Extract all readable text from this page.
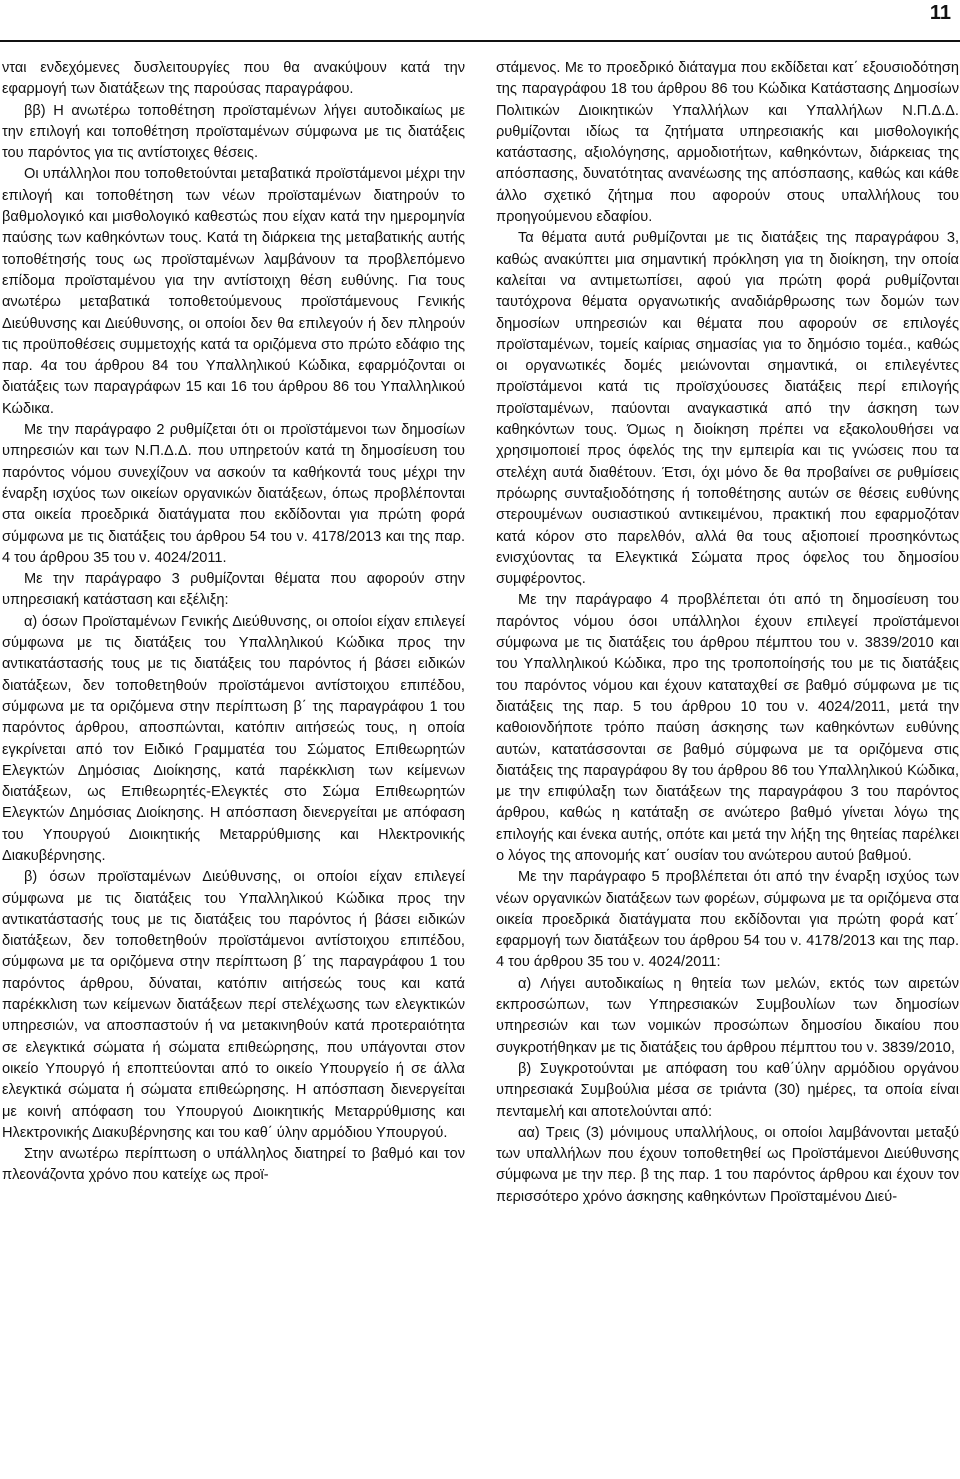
11

νται ενδεχόμενες δυσλειτουργίες που θα ανακύψουν κατά την εφαρμογή των διατάξεων της παρούσας παραγράφου.

ββ) Η ανωτέρω τοποθέτηση προϊσταμένων λήγει αυτοδικαίως με την επιλογή και τοποθέτηση προϊσταμένων σύμφωνα με τις διατάξεις του παρόντος για τις αντίστοιχες θέσεις.

Οι υπάλληλοι που τοποθετούνται μεταβατικά προϊστάμενοι μέχρι την επιλογή και τοποθέτηση των νέων προϊσταμένων διατηρούν το βαθμολογικό και μισθολογικό καθεστώς που είχαν κατά την ημερομηνία παύσης των καθηκόντων τους. Κατά τη διάρκεια της μεταβατικής αυτής τοποθέτησής τους ως προϊσταμένων λαμβάνουν τα προβλεπόμενο επίδομα προϊσταμένου για την αντίστοιχη θέση ευθύνης. Για τους ανωτέρω μεταβατικά τοποθετούμενους προϊστάμενους Γενικής Διεύθυνσης και Διεύθυνσης, οι οποίοι δεν θα επιλεγούν ή δεν πληρούν τις προϋποθέσεις συμμετοχής κατά τα οριζόμενα στο πρώτο εδάφιο της παρ. 4α του άρθρου 84 του Υπαλληλικού Κώδικα, εφαρμόζονται οι διατάξεις των παραγράφων 15 και 16 του άρθρου 86 του Υπαλληλικού Κώδικα.

Με την παράγραφο 2 ρυθμίζεται ότι οι προϊστάμενοι των δημοσίων υπηρεσιών και των Ν.Π.Δ.Δ. που υπηρετούν κατά τη δημοσίευση του παρόντος νόμου συνεχίζουν να ασκούν τα καθήκοντά τους μέχρι την έναρξη ισχύος των οικείων οργανικών διατάξεων, όπως προβλέπονται στα οικεία προεδρικά διατάγματα που εκδίδονται για πρώτη φορά σύμφωνα με τις διατάξεις του άρθρου 54 του ν. 4178/2013 και της παρ. 4 του άρθρου 35 του ν. 4024/2011.

Με την παράγραφο 3 ρυθμίζονται θέματα που αφορούν στην υπηρεσιακή κατάσταση και εξέλιξη:

α) όσων Προϊσταμένων Γενικής Διεύθυνσης, οι οποίοι είχαν επιλεγεί σύμφωνα με τις διατάξεις του Υπαλληλικού Κώδικα προς την αντικατάστασής τους με τις διατάξεις του παρόντος ή βάσει ειδικών διατάξεων, δεν τοποθετηθούν προϊστάμενοι αντίστοιχου επιπέδου, σύμφωνα με τα οριζόμενα στην περίπτωση β΄ της παραγράφου 1 του παρόντος άρθρου, αποσπώνται, κατόπιν αιτήσεώς τους, η οποία εγκρίνεται από τον Ειδικό Γραμματέα του Σώματος Επιθεωρητών Ελεγκτών Δημόσιας Διοίκησης, κατά παρέκκλιση των κείμενων διατάξεων, ως Επιθεωρητές-Ελεγκτές στο Σώμα Επιθεωρητών Ελεγκτών Δημόσιας Διοίκησης. Η απόσπαση διενεργείται με απόφαση του Υπουργού Διοικητικής Μεταρρύθμισης και Ηλεκτρονικής Διακυβέρνησης.

β) όσων προϊσταμένων Διεύθυνσης, οι οποίοι είχαν επιλεγεί σύμφωνα με τις διατάξεις του Υπαλληλικού Κώδικα προς την αντικατάστασής τους με τις διατάξεις του παρόντος ή βάσει ειδικών διατάξεων, δεν τοποθετηθούν προϊστάμενοι αντίστοιχου επιπέδου, σύμφωνα με τα οριζόμενα στην περίπτωση β΄ της παραγράφου 1 του παρόντος άρθρου, δύναται, κατόπιν αιτήσεώς τους και κατά παρέκκλιση των κείμενων διατάξεων περί στελέχωσης των ελεγκτικών υπηρεσιών, να αποσπαστούν ή να μετακινηθούν κατά προτεραιότητα σε ελεγκτικά σώματα ή σώματα επιθεώρησης, που υπάγονται στον οικείο Υπουργό ή εποπτεύονται από το οικείο Υπουργείο ή σε άλλα ελεγκτικά σώματα ή σώματα επιθεώρησης. Η απόσπαση διενεργείται με κοινή απόφαση του Υπουργού Διοικητικής Μεταρρύθμισης και Ηλεκτρονικής Διακυβέρνησης και του καθ΄ ύλην αρμόδιου Υπουργού.

Στην ανωτέρω περίπτωση ο υπάλληλος διατηρεί το βαθμό και τον πλεονάζοντα χρόνο που κατείχε ως προϊ-

στάμενος. Με το προεδρικό διάταγμα που εκδίδεται κατ΄ εξουσιοδότηση της παραγράφου 18 του άρθρου 86 του Κώδικα Κατάστασης Δημοσίων Πολιτικών Διοικητικών Υπαλλήλων και Υπαλλήλων Ν.Π.Δ.Δ. ρυθμίζονται ιδίως τα ζητήματα υπηρεσιακής και μισθολογικής κατάστασης, αξιολόγησης, αρμοδιοτήτων, καθηκόντων, διάρκειας της απόσπασης, δυνατότητας ανανέωσης της απόσπασης, καθώς και κάθε άλλο σχετικό ζήτημα που αφορούν στους υπαλλήλους του προηγούμενου εδαφίου.

Τα θέματα αυτά ρυθμίζονται με τις διατάξεις της παραγράφου 3, καθώς ανακύπτει μια σημαντική πρόκληση για τη διοίκηση, την οποία καλείται να αντιμετωπίσει, αφού για πρώτη φορά ρυθμίζονται ταυτόχρονα θέματα οργανωτικής αναδιάρθρωσης των δομών των δημοσίων υπηρεσιών και θέματα που αφορούν σε επιλογές προϊσταμένων, τομείς καίριας σημασίας για το δημόσιο τομέα., καθώς οι οργανωτικές δομές μειώνονται σημαντικά, οι επιλεγέντες προϊστάμενοι κατά τις προϊσχύουσες διατάξεις περί επιλογής προϊσταμένων, παύονται αναγκαστικά από την άσκηση των καθηκόντων τους. Όμως η διοίκηση πρέπει να εξακολουθήσει να χρησιμοποιεί προς όφελός της την εμπειρία και τις γνώσεις που τα στελέχη αυτά διαθέτουν. Έτσι, όχι μόνο δε θα προβαίνει σε ρυθμίσεις πρόωρης συνταξιοδότησης ή τοποθέτησης αυτών σε θέσεις ευθύνης στερουμένων ουσιαστικού αντικειμένου, πρακτική που εφαρμοζόταν κατά κόρον στο παρελθόν, αλλά θα τους αξιοποιεί προσηκόντως ενισχύοντας τα Ελεγκτικά Σώματα προς όφελος του δημοσίου συμφέροντος.

Με την παράγραφο 4 προβλέπεται ότι από τη δημοσίευση του παρόντος νόμου όσοι υπάλληλοι έχουν επιλεγεί προϊστάμενοι σύμφωνα με τις διατάξεις του άρθρου πέμπτου του ν. 3839/2010 και του Υπαλληλικού Κώδικα, προ της τροποποίησής του με τις διατάξεις του παρόντος νόμου και έχουν καταταχθεί σε βαθμό σύμφωνα με τις διατάξεις της παρ. 5 του άρθρου 10 του ν. 4024/2011, μετά την καθοιονδήποτε τρόπο παύση άσκησης των καθηκόντων ευθύνης αυτών, κατατάσσονται σε βαθμό σύμφωνα με τα οριζόμενα στις διατάξεις της παραγράφου 8γ του άρθρου 86 του Υπαλληλικού Κώδικα, με την επιφύλαξη των διατάξεων της παραγράφου 3 του παρόντος άρθρου, καθώς η κατάταξη σε ανώτερο βαθμό γίνεται λόγω της επιλογής και ένεκα αυτής, οπότε και μετά την λήξη της θητείας παρέλκει ο λόγος της απονομής κατ΄ ουσίαν του ανώτερου αυτού βαθμού.

Με την παράγραφο 5 προβλέπεται ότι από την έναρξη ισχύος των νέων οργανικών διατάξεων των φορέων, σύμφωνα με τα οριζόμενα στα οικεία προεδρικά διατάγματα που εκδίδονται για πρώτη φορά κατ΄ εφαρμογή των διατάξεων του άρθρου 54 του ν. 4178/2013 και της παρ. 4 του άρθρου 35 του ν. 4024/2011:

α) Λήγει αυτοδικαίως η θητεία των μελών, εκτός των αιρετών εκπροσώπων, των Υπηρεσιακών Συμβουλίων των δημοσίων υπηρεσιών και των νομικών προσώπων δημοσίου δικαίου που συγκροτήθηκαν με τις διατάξεις του άρθρου πέμπτου του ν. 3839/2010,

β) Συγκροτούνται με απόφαση του καθ΄ύλην αρμόδιου οργάνου υπηρεσιακά Συμβούλια μέσα σε τριάντα (30) ημέρες, τα οποία είναι πενταμελή και αποτελούνται από:

αα) Τρεις (3) μόνιμους υπαλλήλους, οι οποίοι λαμβάνονται μεταξύ των υπαλλήλων που έχουν τοποθετηθεί ως Προϊστάμενοι Διεύθυνσης σύμφωνα με την περ. β της παρ. 1 του παρόντος άρθρου και έχουν τον περισσότερο χρόνο άσκησης καθηκόντων Προϊσταμένου Διεύ-
